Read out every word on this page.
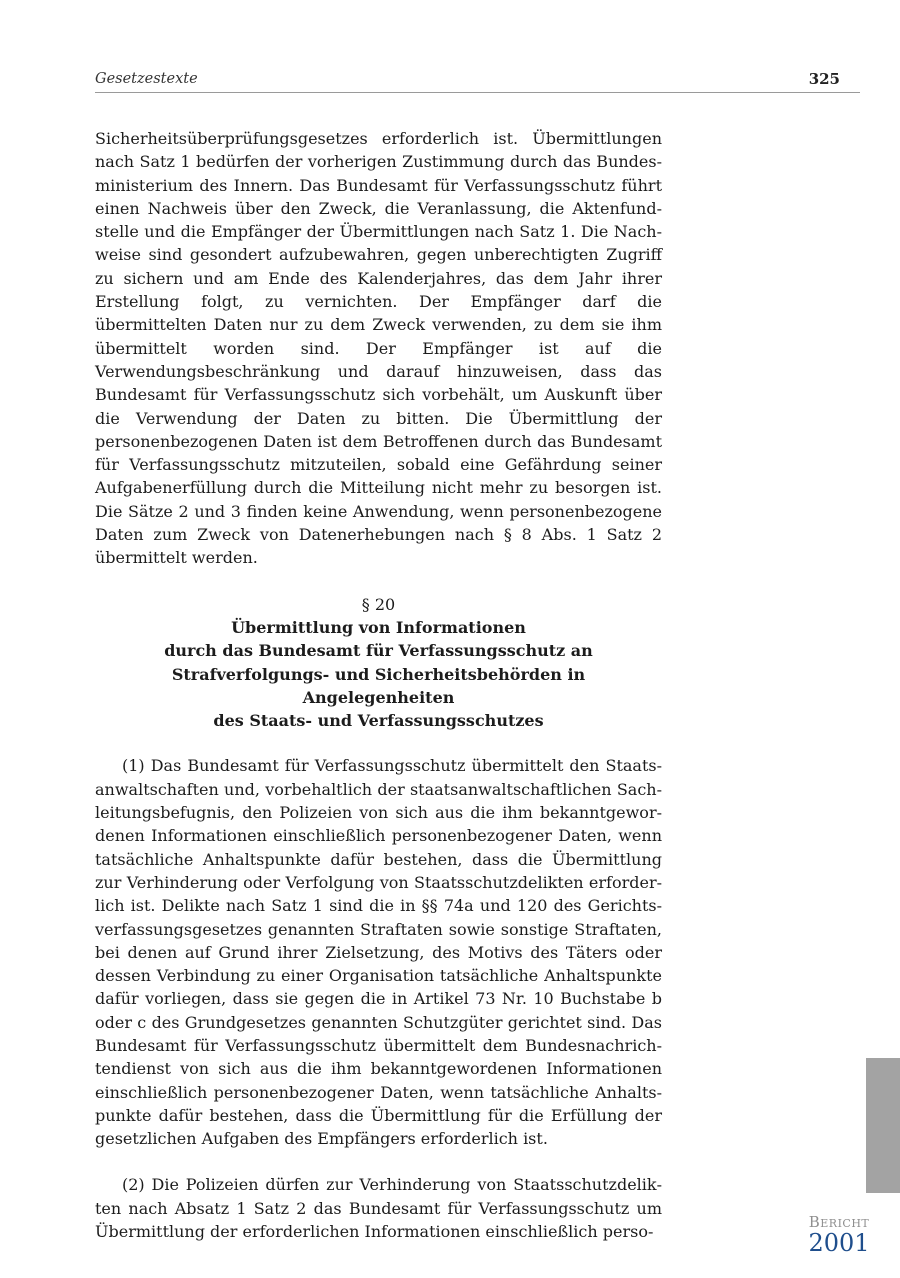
Gesetzestexte	325

Sicherheitsüberprüfungsgesetzes erforderlich ist. Übermittlungen nach Satz 1 bedürfen der vorherigen Zustimmung durch das Bundesministerium des Innern. Das Bundesamt für Verfassungsschutz führt einen Nachweis über den Zweck, die Veranlassung, die Aktenfundstelle und die Empfänger der Übermittlungen nach Satz 1. Die Nachweise sind gesondert aufzubewahren, gegen unberechtigten Zugriff zu sichern und am Ende des Kalenderjahres, das dem Jahr ihrer Erstellung folgt, zu vernichten. Der Empfänger darf die übermittelten Daten nur zu dem Zweck verwenden, zu dem sie ihm übermittelt worden sind. Der Empfänger ist auf die Verwendungsbeschränkung und darauf hinzuweisen, dass das Bundesamt für Verfassungsschutz sich vorbehält, um Auskunft über die Verwendung der Daten zu bitten. Die Übermittlung der personenbezogenen Daten ist dem Betroffenen durch das Bundesamt für Verfassungsschutz mitzuteilen, sobald eine Gefährdung seiner Aufgabenerfüllung durch die Mitteilung nicht mehr zu besorgen ist. Die Sätze 2 und 3 finden keine Anwendung, wenn personenbezogene Daten zum Zweck von Datenerhebungen nach § 8 Abs. 1 Satz 2 übermittelt werden.

§ 20
Übermittlung von Informationen
durch das Bundesamt für Verfassungsschutz an
Strafverfolgungs- und Sicherheitsbehörden in Angelegenheiten
des Staats- und Verfassungsschutzes

(1) Das Bundesamt für Verfassungsschutz übermittelt den Staatsanwaltschaften und, vorbehaltlich der staatsanwaltschaftlichen Sachleitungsbefugnis, den Polizeien von sich aus die ihm bekanntgewordenen Informationen einschließlich personenbezogener Daten, wenn tatsächliche Anhaltspunkte dafür bestehen, dass die Übermittlung zur Verhinderung oder Verfolgung von Staatsschutzdelikten erforderlich ist. Delikte nach Satz 1 sind die in §§ 74a und 120 des Gerichtsverfassungsgesetzes genannten Straftaten sowie sonstige Straftaten, bei denen auf Grund ihrer Zielsetzung, des Motivs des Täters oder dessen Verbindung zu einer Organisation tatsächliche Anhaltspunkte dafür vorliegen, dass sie gegen die in Artikel 73 Nr. 10 Buchstabe b oder c des Grundgesetzes genannten Schutzgüter gerichtet sind. Das Bundesamt für Verfassungsschutz übermittelt dem Bundesnachrichtendienst von sich aus die ihm bekanntgewordenen Informationen einschließlich personenbezogener Daten, wenn tatsächliche Anhaltspunkte dafür bestehen, dass die Übermittlung für die Erfüllung der gesetzlichen Aufgaben des Empfängers erforderlich ist.

(2) Die Polizeien dürfen zur Verhinderung von Staatsschutzdelikten nach Absatz 1 Satz 2 das Bundesamt für Verfassungsschutz um Übermittlung der erforderlichen Informationen einschließlich perso-

Bericht
2001
